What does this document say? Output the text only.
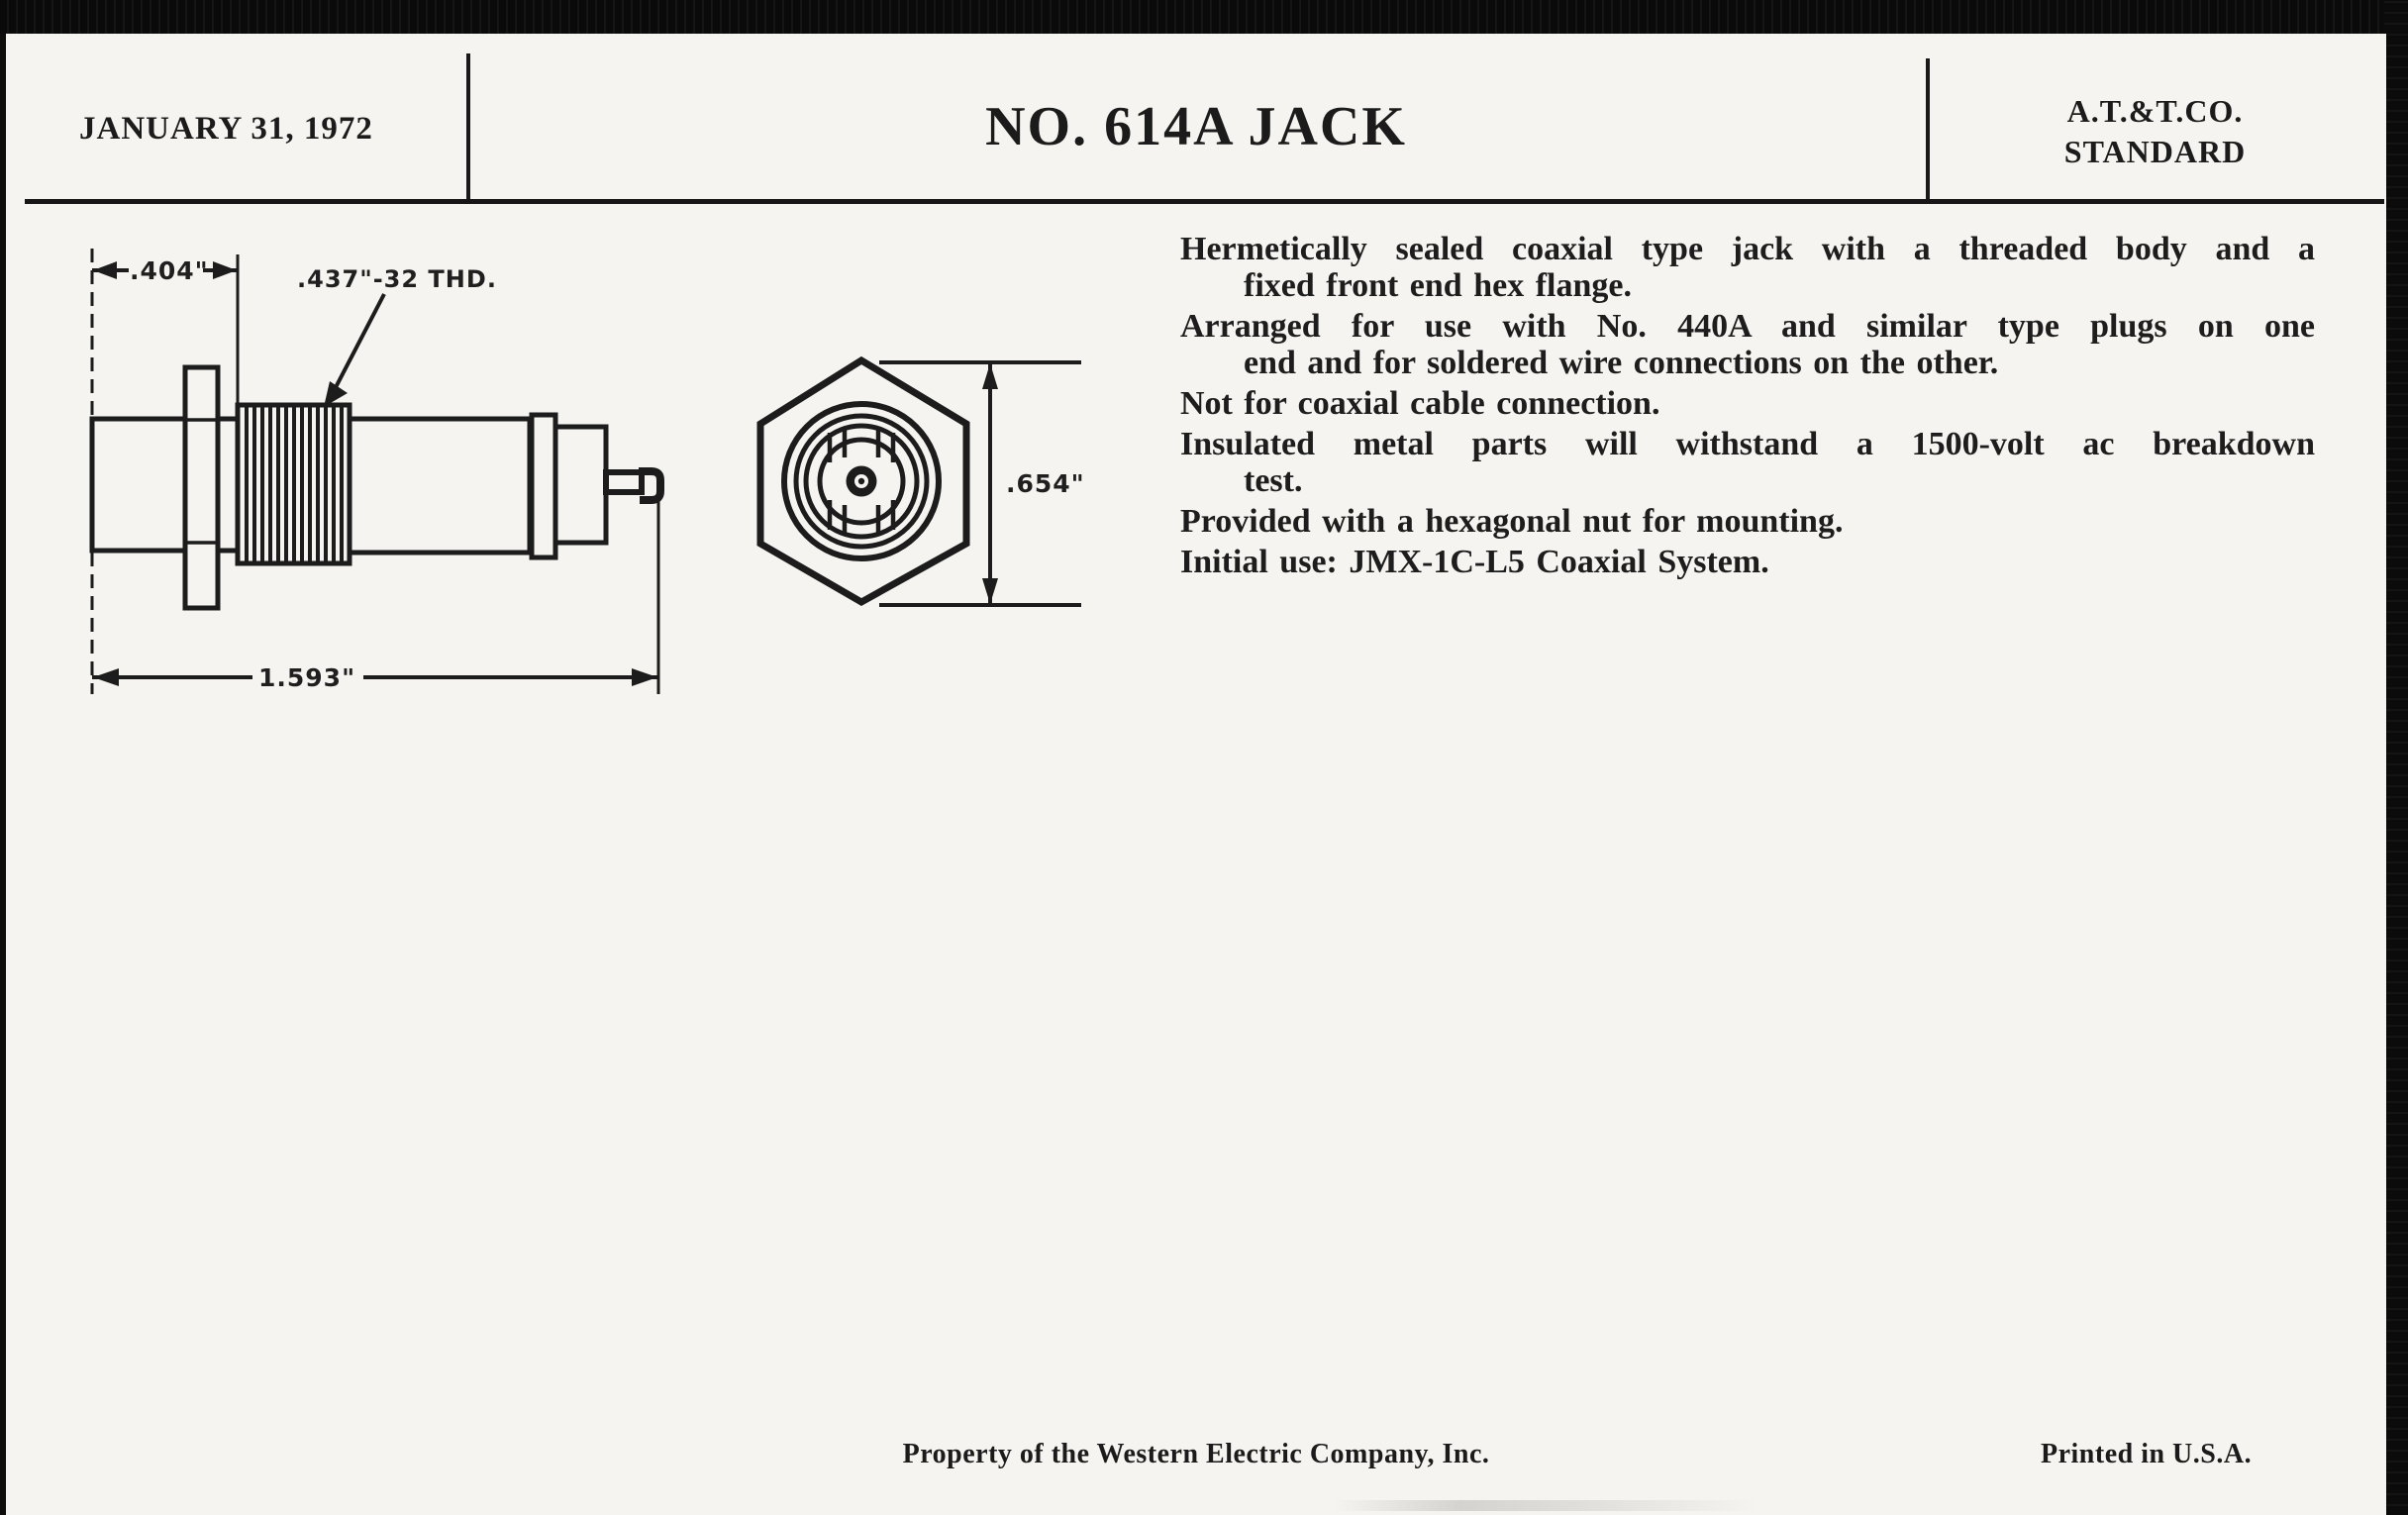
JANUARY 31, 1972	NO. 614A JACK	A.T.&T.CO.
STANDARD
.404"	.437"-32 THD.
1.593"
.654"
Hermetically sealed coaxial type jack with a threaded body and a
fixed front end hex flange.
Arranged for use with No. 440A and similar type plugs on one
end and for soldered wire connections on the other.
Not for coaxial cable connection.
Insulated metal parts will withstand a 1500-volt ac breakdown
test.
Provided with a hexagonal nut for mounting.
Initial use: JMX-1C-L5 Coaxial System.
Property of the Western Electric Company, Inc.	Printed in U.S.A.
